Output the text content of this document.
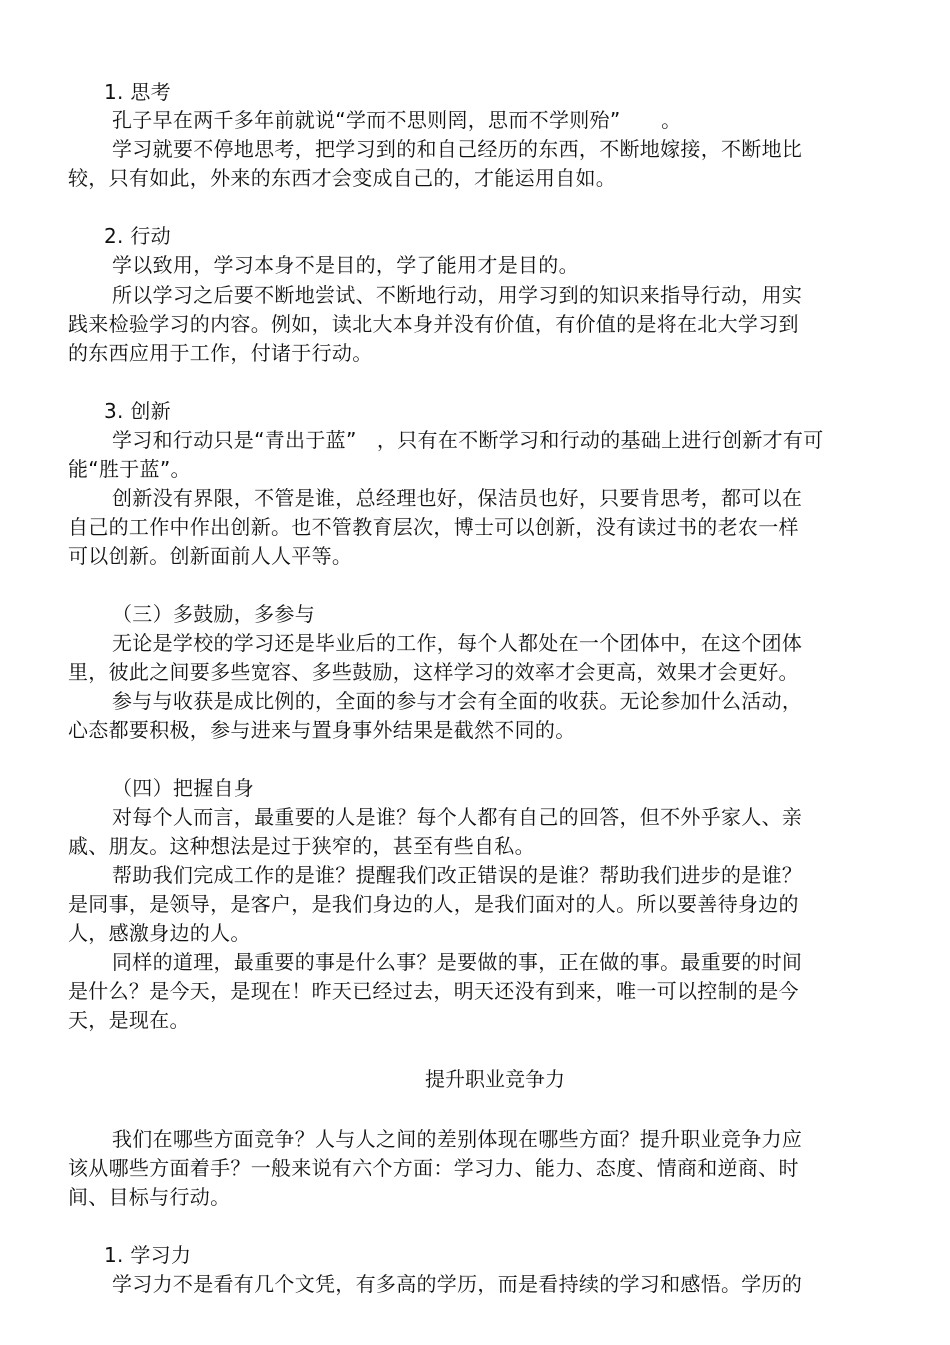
1. 思考
孔子早在两千多年前就说“学而不思则罔，思而不学则殆”　　。
学习就要不停地思考，把学习到的和自己经历的东西，不断地嫁接，不断地比
较，只有如此，外来的东西才会变成自己的，才能运用自如。
2. 行动
学以致用，学习本身不是目的，学了能用才是目的。
所以学习之后要不断地尝试、不断地行动，用学习到的知识来指导行动，用实
践来检验学习的内容。例如，读北大本身并没有价值，有价值的是将在北大学习到
的东西应用于工作，付诸于行动。
3. 创新
学习和行动只是“青出于蓝”　，只有在不断学习和行动的基础上进行创新才有可
能“胜于蓝”。
创新没有界限，不管是谁，总经理也好，保洁员也好，只要肯思考，都可以在
自己的工作中作出创新。也不管教育层次，博士可以创新，没有读过书的老农一样
可以创新。创新面前人人平等。
（三）多鼓励，多参与
无论是学校的学习还是毕业后的工作，每个人都处在一个团体中，在这个团体
里，彼此之间要多些宽容、多些鼓励，这样学习的效率才会更高，效果才会更好。
参与与收获是成比例的，全面的参与才会有全面的收获。无论参加什么活动，
心态都要积极，参与进来与置身事外结果是截然不同的。
（四）把握自身
对每个人而言，最重要的人是谁？每个人都有自己的回答，但不外乎家人、亲
戚、朋友。这种想法是过于狭窄的，甚至有些自私。
帮助我们完成工作的是谁？提醒我们改正错误的是谁？帮助我们进步的是谁？
是同事，是领导，是客户，是我们身边的人，是我们面对的人。所以要善待身边的
人，感激身边的人。
同样的道理，最重要的事是什么事？是要做的事，正在做的事。最重要的时间
是什么？是今天，是现在！昨天已经过去，明天还没有到来，唯一可以控制的是今
天，是现在。
提升职业竞争力
我们在哪些方面竞争？人与人之间的差别体现在哪些方面？提升职业竞争力应
该从哪些方面着手？一般来说有六个方面：学习力、能力、态度、情商和逆商、时
间、目标与行动。
1. 学习力
学习力不是看有几个文凭，有多高的学历，而是看持续的学习和感悟。学历的
